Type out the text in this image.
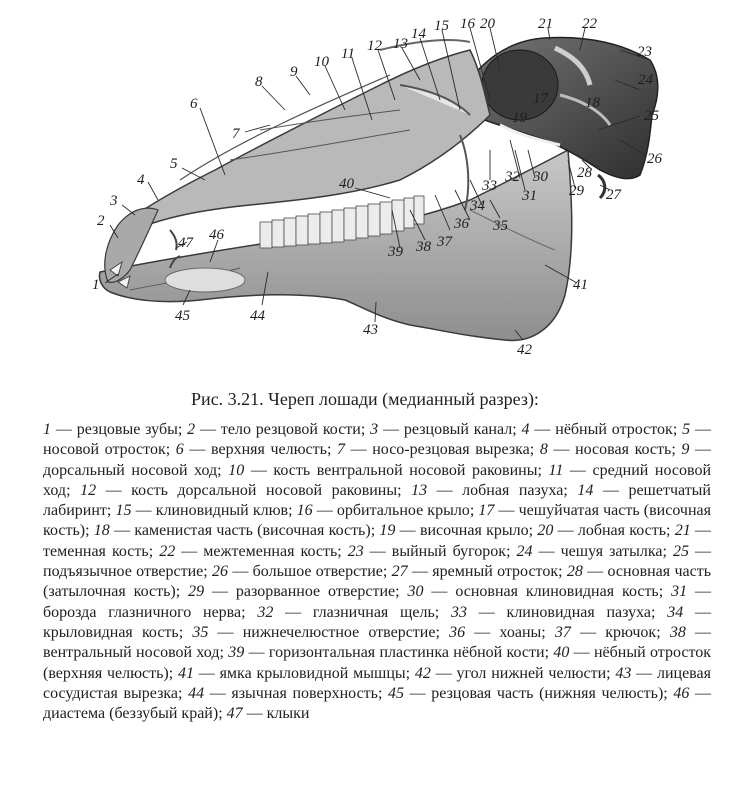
1
2
3
4
5
6
7
8
9
10 11 12 13
14 15 16 20	21 22
23
24
17 18
25
26
27
28
29
19
30
31
32
33
34
35
36
37
38
39
40
41
42
43
44
45
46
47
Рис. 3.21. Череп лошади (медианный разрез):
1 — резцовые зубы; 2 — тело резцовой кости; 3 — резцовый канал; 4 — нёбный отросток; 5 — носовой отросток; 6 — верхняя челюсть; 7 — носо-резцовая вырезка; 8 — носовая кость; 9 — дорсальный носовой ход; 10 — кость вентральной носовой раковины; 11 — средний носовой ход; 12 — кость дорсальной носовой раковины; 13 — лобная пазуха; 14 — решетчатый лабиринт; 15 — клиновидный клюв; 16 — орбитальное крыло; 17 — чешуйчатая часть (височная кость); 18 — каменистая часть (височная кость); 19 — височная крыло; 20 — лобная кость; 21 — теменная кость; 22 — межтеменная кость; 23 — выйный бугорок; 24 — чешуя затылка; 25 — подъязычное отверстие; 26 — большое отверстие; 27 — яремный отросток; 28 — основная часть (затылочная кость); 29 — разорванное отверстие; 30 — основная клиновидная кость; 31 — борозда глазничного нерва; 32 — глазничная щель; 33 — клиновидная пазуха; 34 — крыловидная кость; 35 — нижнечелюстное отверстие; 36 — хоаны; 37 — крючок; 38 — вентральный носовой ход; 39 — горизонтальная пластинка нёбной кости; 40 — нёбный отросток (верхняя челюсть); 41 — ямка крыловидной мышцы; 42 — угол нижней челюсти; 43 — лицевая сосудистая вырезка; 44 — язычная поверхность; 45 — резцовая часть (нижняя челюсть); 46 — диастема (беззубый край); 47 — клыки
